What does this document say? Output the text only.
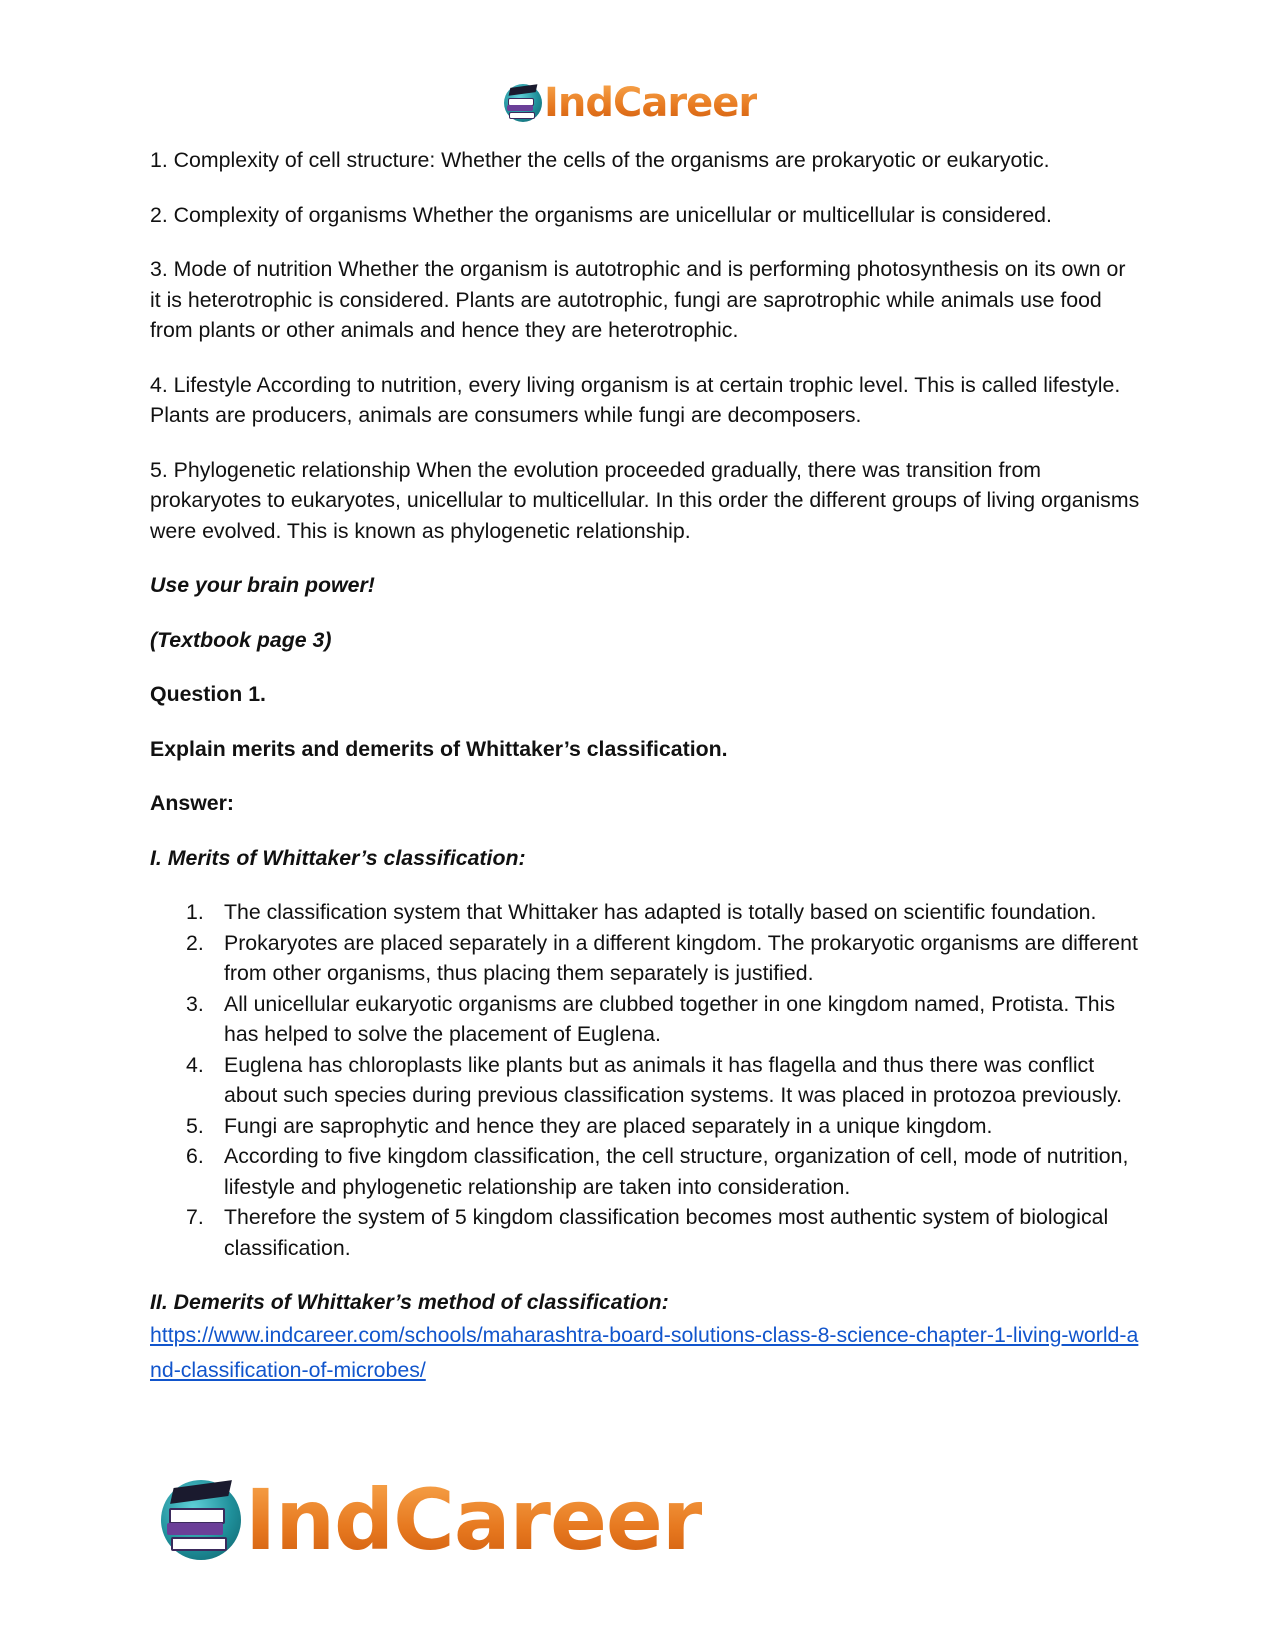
IndCareer

1. Complexity of cell structure: Whether the cells of the organisms are prokaryotic or eukaryotic.

2. Complexity of organisms Whether the organisms are unicellular or multicellular is considered.

3. Mode of nutrition Whether the organism is autotrophic and is performing photosynthesis on its own or it is heterotrophic is considered. Plants are autotrophic, fungi are saprotrophic while animals use food from plants or other animals and hence they are heterotrophic.

4. Lifestyle According to nutrition, every living organism is at certain trophic level. This is called lifestyle. Plants are producers, animals are consumers while fungi are decomposers.

5. Phylogenetic relationship When the evolution proceeded gradually, there was transition from prokaryotes to eukaryotes, unicellular to multicellular. In this order the different groups of living organisms were evolved. This is known as phylogenetic relationship.

Use your brain power!

(Textbook page 3)

Question 1.

Explain merits and demerits of Whittaker’s classification.

Answer:

I. Merits of Whittaker’s classification:

1. The classification system that Whittaker has adapted is totally based on scientific foundation.
2. Prokaryotes are placed separately in a different kingdom. The prokaryotic organisms are different from other organisms, thus placing them separately is justified.
3. All unicellular eukaryotic organisms are clubbed together in one kingdom named, Protista. This has helped to solve the placement of Euglena.
4. Euglena has chloroplasts like plants but as animals it has flagella and thus there was conflict about such species during previous classification systems. It was placed in protozoa previously.
5. Fungi are saprophytic and hence they are placed separately in a unique kingdom.
6. According to five kingdom classification, the cell structure, organization of cell, mode of nutrition, lifestyle and phylogenetic relationship are taken into consideration.
7. Therefore the system of 5 kingdom classification becomes most authentic system of biological classification.

II. Demerits of Whittaker’s method of classification:

https://www.indcareer.com/schools/maharashtra-board-solutions-class-8-science-chapter-1-living-world-and-classification-of-microbes/
IndCareer
